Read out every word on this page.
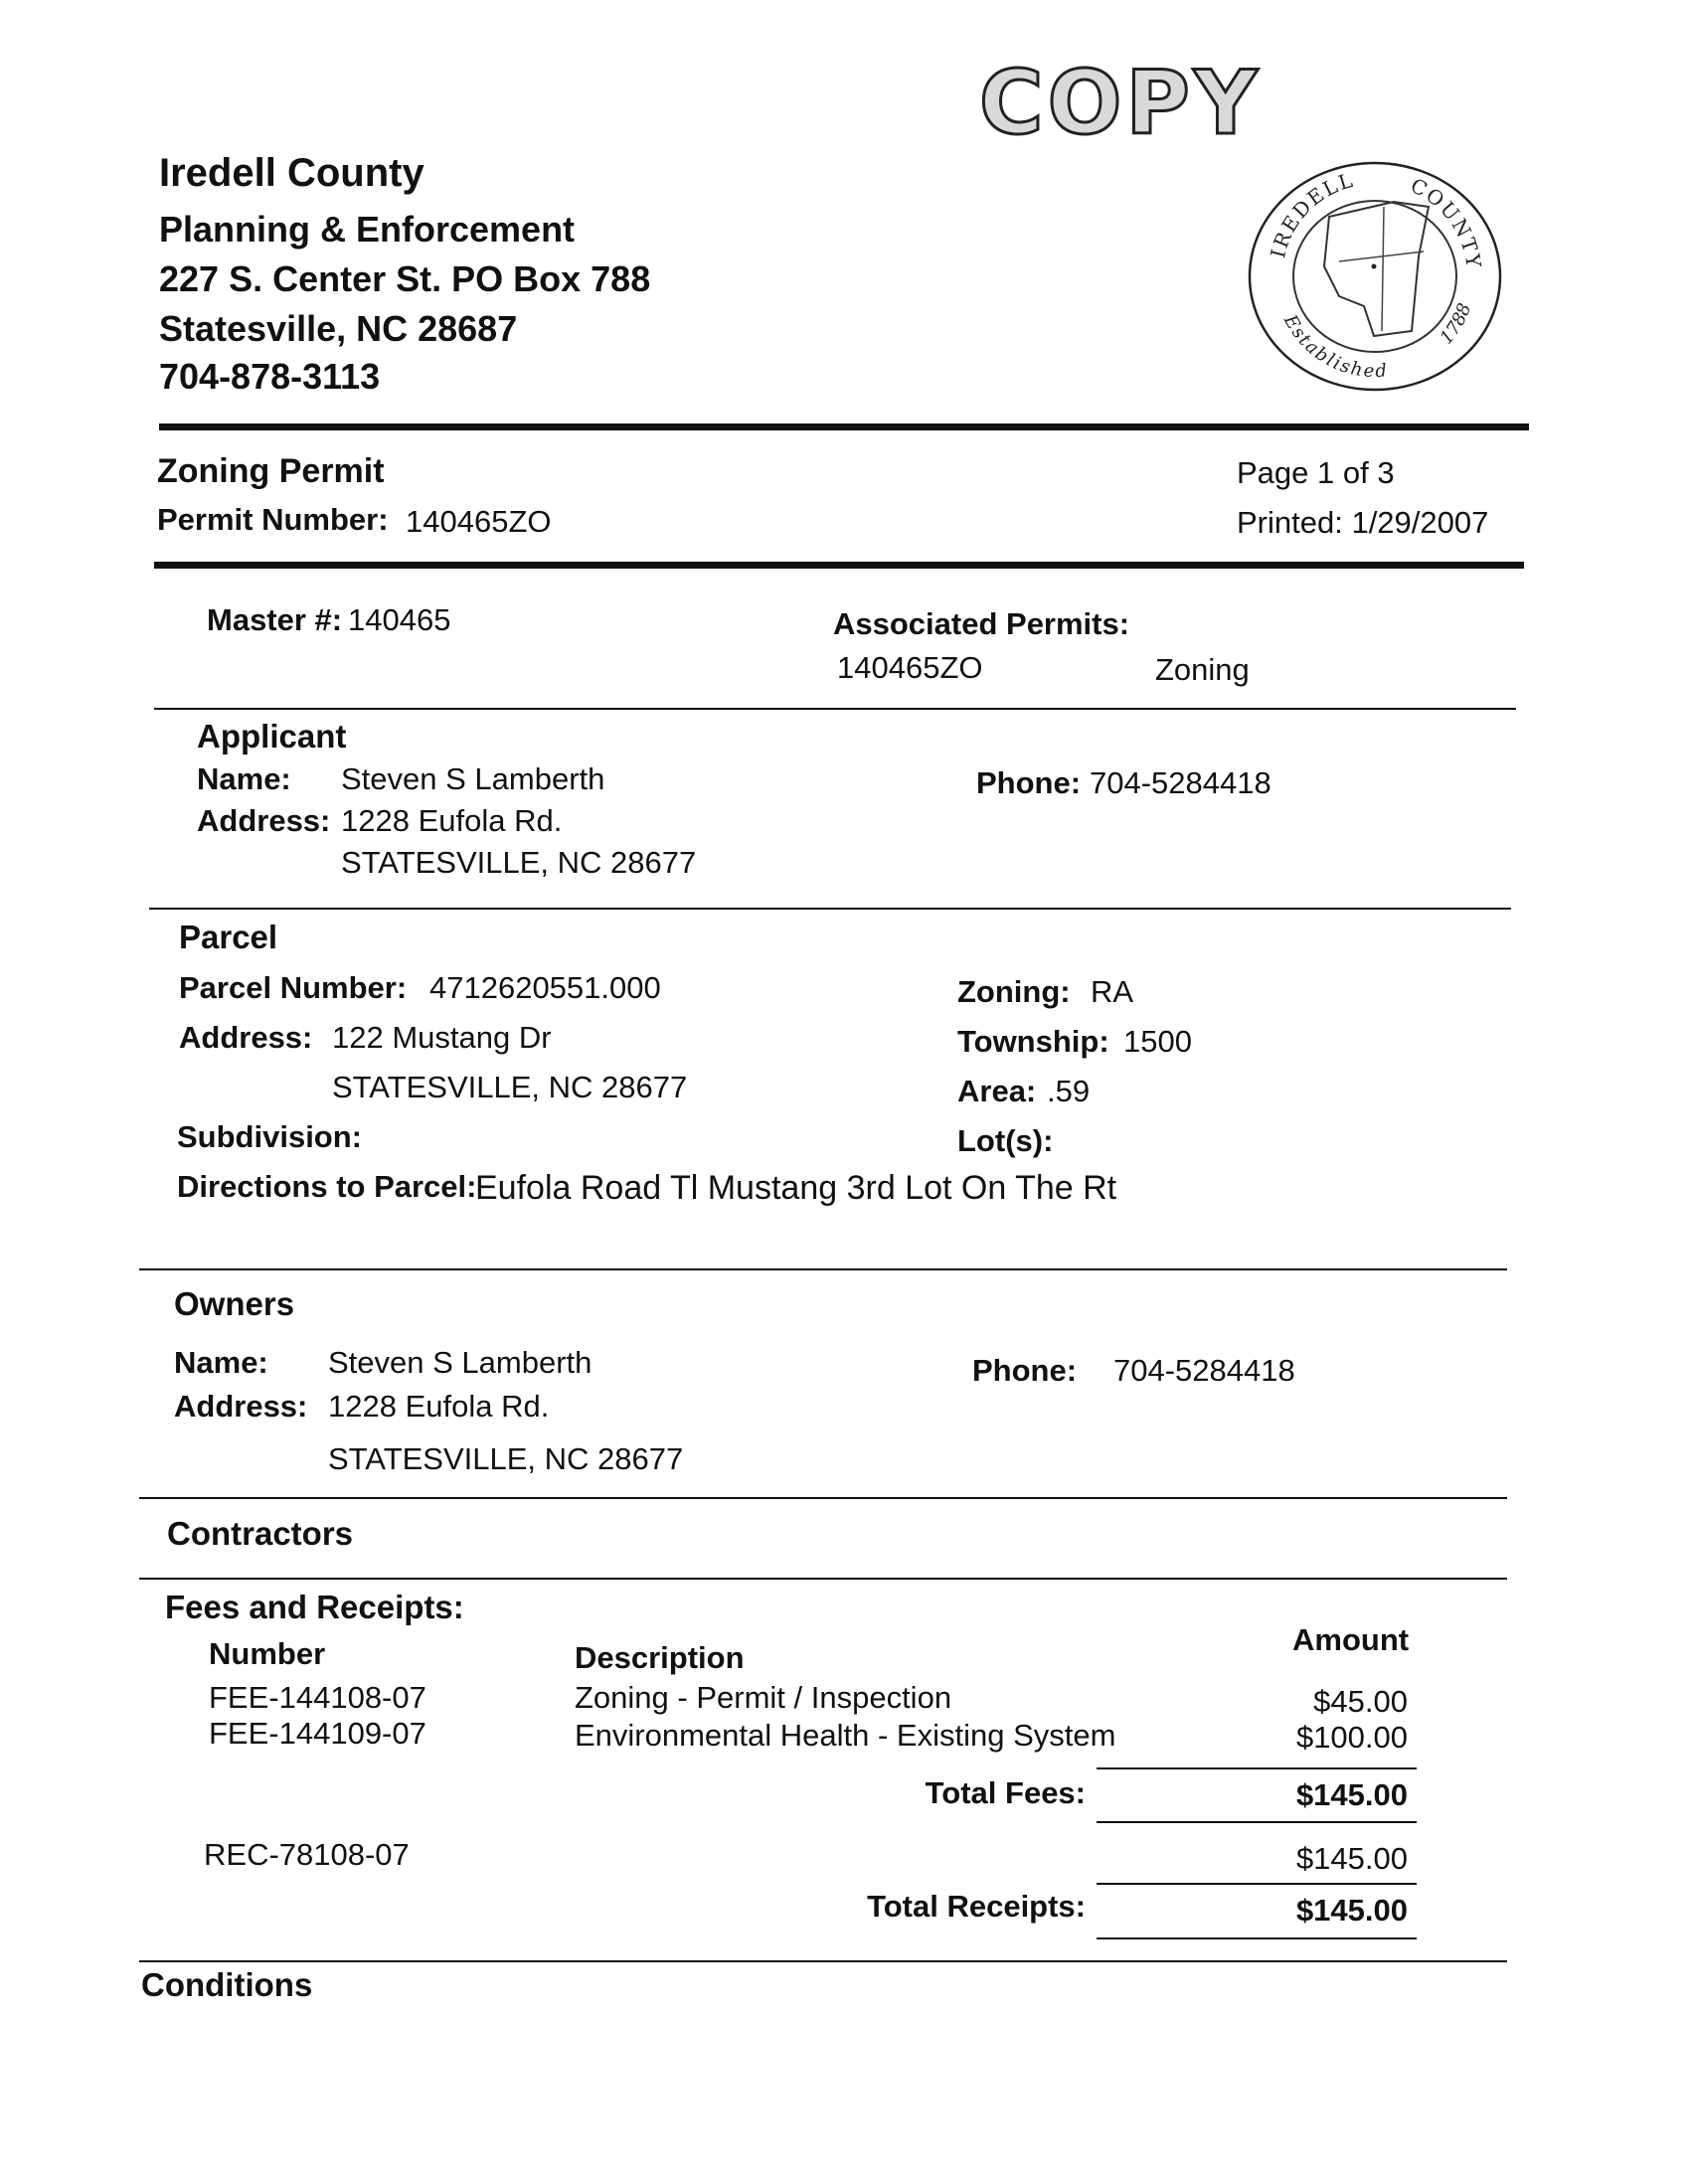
COPY
Iredell County
Planning & Enforcement
227 S. Center St. PO Box 788
Statesville, NC 28687
704-878-3113
IREDELL	COUNTY
Established
1788
Zoning Permit
Permit Number: 140465ZO
Page 1 of 3
Printed: 1/29/2007
Master #: 140465	Associated Permits:
140465ZO	Zoning
Applicant
Name: Steven S Lamberth
Address: 1228 Eufola Rd.
STATESVILLE, NC 28677
Phone: 704-5284418
Parcel
Parcel Number: 4712620551.000
Address: 122 Mustang Dr
STATESVILLE, NC 28677
Subdivision:
Zoning: RA
Township: 1500
Area: .59
Lot(s):
Directions to Parcel:
Eufola Road Tl Mustang 3rd Lot On The Rt
Owners
Name: Steven S Lamberth
Address: 1228 Eufola Rd.
STATESVILLE, NC 28677
Phone: 704-5284418
Contractors
Fees and Receipts:
Number	Description
Amount
FEE-144108-07	Zoning - Permit / Inspection	$45.00
FEE-144109-07	Environmental Health - Existing System	$100.00
Total Fees:	$145.00
REC-78108-07	$145.00
Total Receipts:	$145.00
Conditions
